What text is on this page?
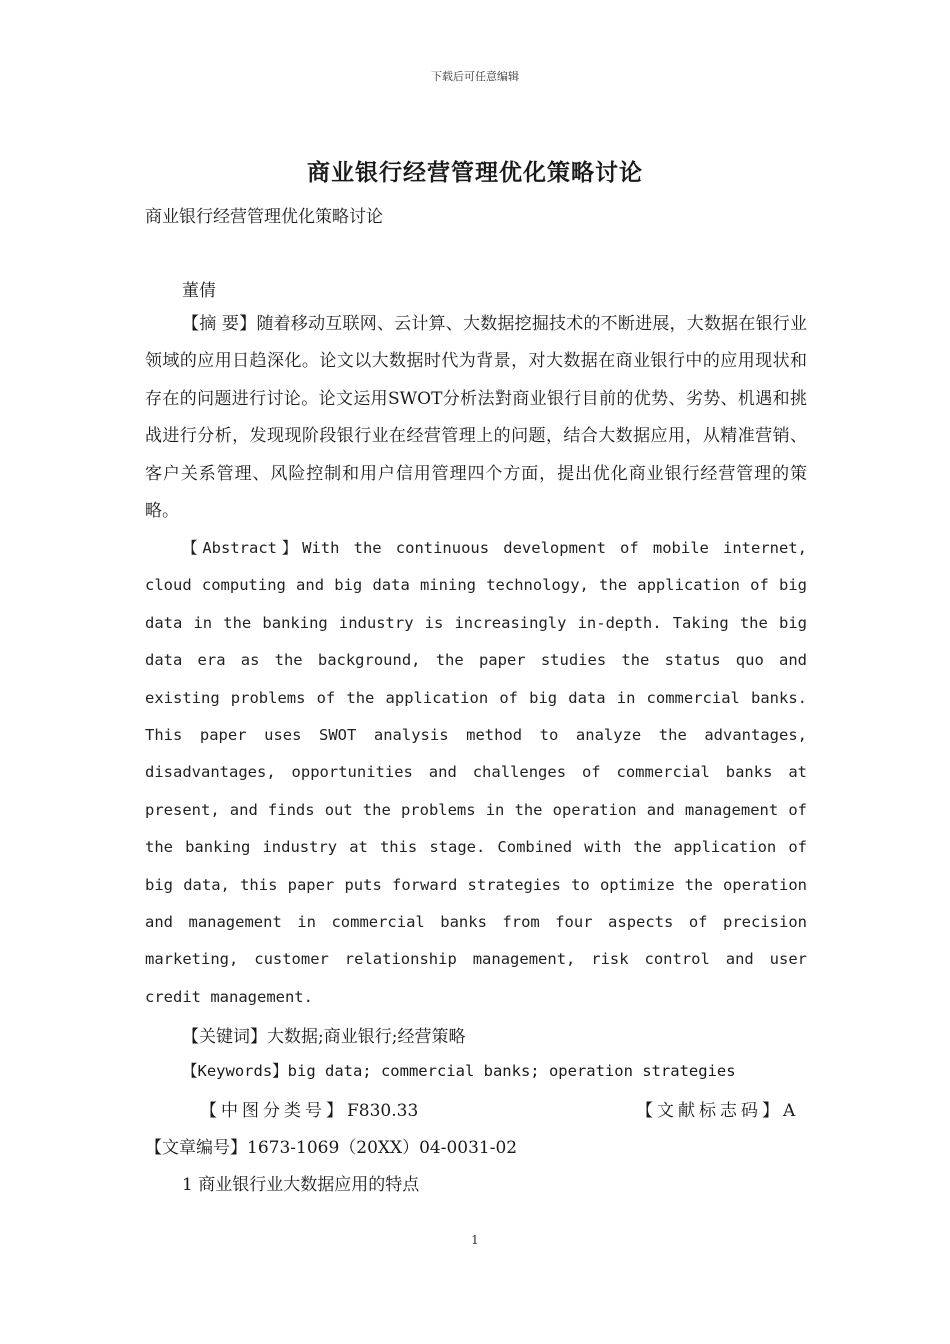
下载后可任意编辑
商业银行经营管理优化策略讨论
商业银行经营管理优化策略讨论
董倩

【摘 要】随着移动互联网、云计算、大数据挖掘技术的不断进展，大数据在银行业领域的应用日趋深化。论文以大数据时代为背景，对大数据在商业银行中的应用现状和存在的问题进行讨论。论文运用SWOT分析法對商业银行目前的优势、劣势、机遇和挑战进行分析，发现现阶段银行业在经营管理上的问题，结合大数据应用，从精准营销、客户关系管理、风险控制和用户信用管理四个方面，提出优化商业银行经营管理的策略。

【Abstract】With the continuous development of mobile internet, cloud computing and big data mining technology, the application of big data in the banking industry is increasingly in-depth. Taking the big data era as the background, the paper studies the status quo and existing problems of the application of big data in commercial banks. This paper uses SWOT analysis method to analyze the advantages, disadvantages, opportunities and challenges of commercial banks at present, and finds out the problems in the operation and management of the banking industry at this stage. Combined with the application of big data, this paper puts forward strategies to optimize the operation and management in commercial banks from four aspects of precision marketing, customer relationship management, risk control and user credit management.

【关键词】大数据;商业银行;经营策略
【Keywords】big data; commercial banks; operation strategies
【中图分类号】F830.33	【文献标志码】A
【文章编号】1673-1069（20XX）04-0031-02
1 商业银行业大数据应用的特点
1
